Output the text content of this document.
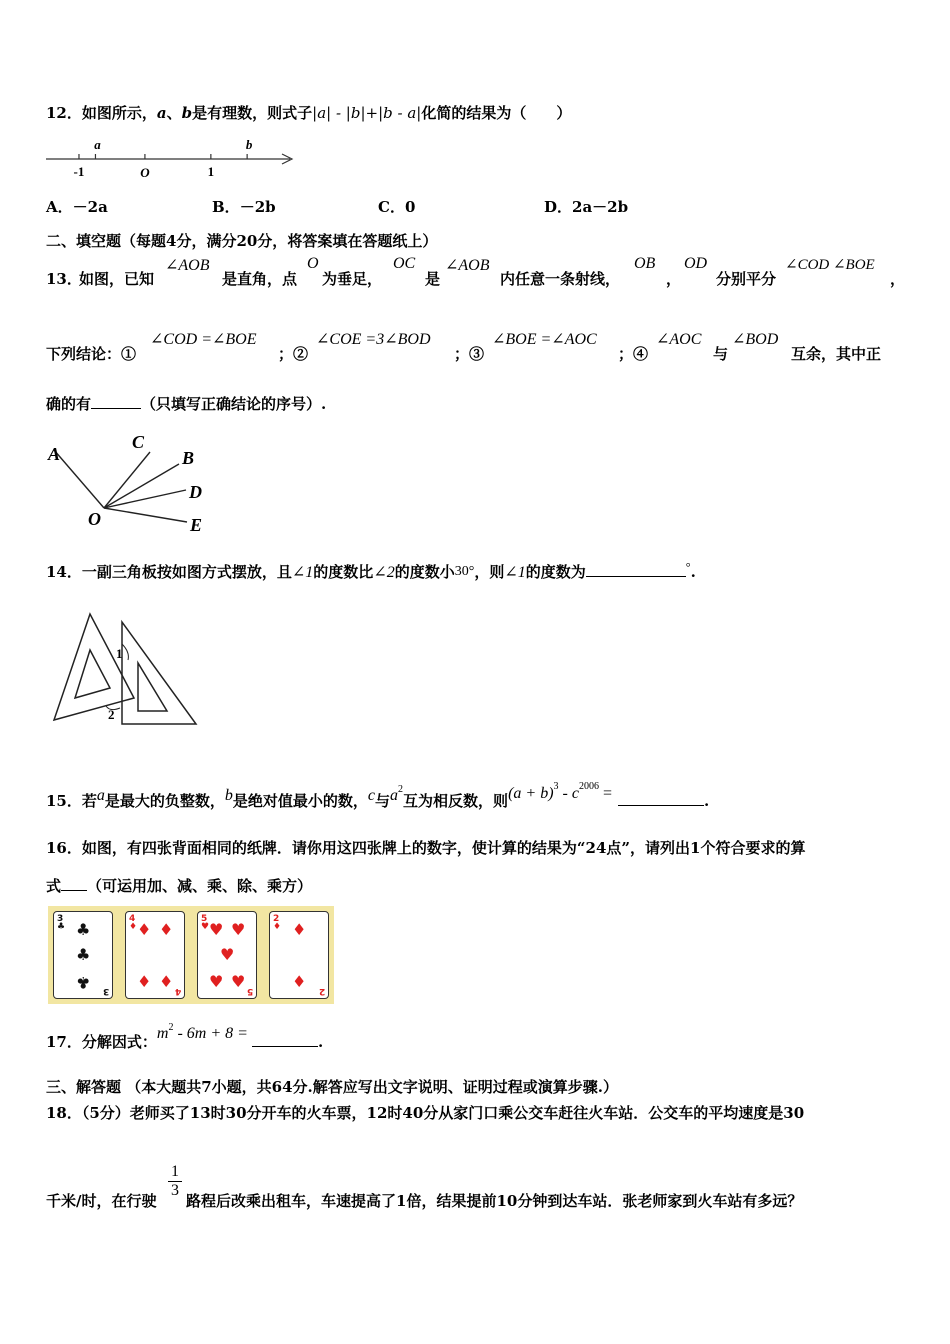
12．如图所示，a、b是有理数，则式子|a| - |b|+|b - a|化简的结果为（　　）
a	b
-1	O	1
A．－2a	B．－2b	C．0	D．2a－2b
二、填空题（每题4分，满分20分，将答案填在答题纸上）
13．
如图，已知
∠AOB
是直角，点
O
为垂足，
OC
是
∠AOB
内任意一条射线，
OB
，
OD
分别平分
∠COD ∠BOE
，
下列结论：①
∠COD =∠BOE
；②
∠COE =3∠BOD
；③
∠BOE =∠AOC
；④
∠AOC
与
∠BOD
互余，其中正
确的有	（只填写正确结论的序号）.
A
C
B
D
O	E
14．一副三角板按如图方式摆放，且∠1的度数比∠2的度数小30°，则∠1的度数为	°.
1
2
15．若a是最大的负整数，b是绝对值最小的数，c与$a^2$互为相反数，则$(a + b)^3 - c^{2006}$ =	.
16．如图，有四张背面相同的纸牌．请你用这四张牌上的数字，使计算的结果为“24点”，请列出1个符合要求的算
式 （可运用加、减、乘、除、乘方）
3
♣ ♣
♣
♣ 3
4
♦ ♦ ♦
♦ ♦ 4
5
♥ ♥ ♥
♥
♥ ♥ 5
2
♦ ♦
♦ 2
17．分解因式：$m^2 - 6m + 8$ =	.
三、解答题 （本大题共7小题，共64分.解答应写出文字说明、证明过程或演算步骤.）
18．（5分）老师买了13时30分开车的火车票，12时40分从家门口乘公交车赶往火车站．公交车的平均速度是30
千米/时，在行驶
$\frac{1}{3}$
路程后改乘出租车，车速提高了1倍，结果提前10分钟到达车站．张老师家到火车站有多远？
